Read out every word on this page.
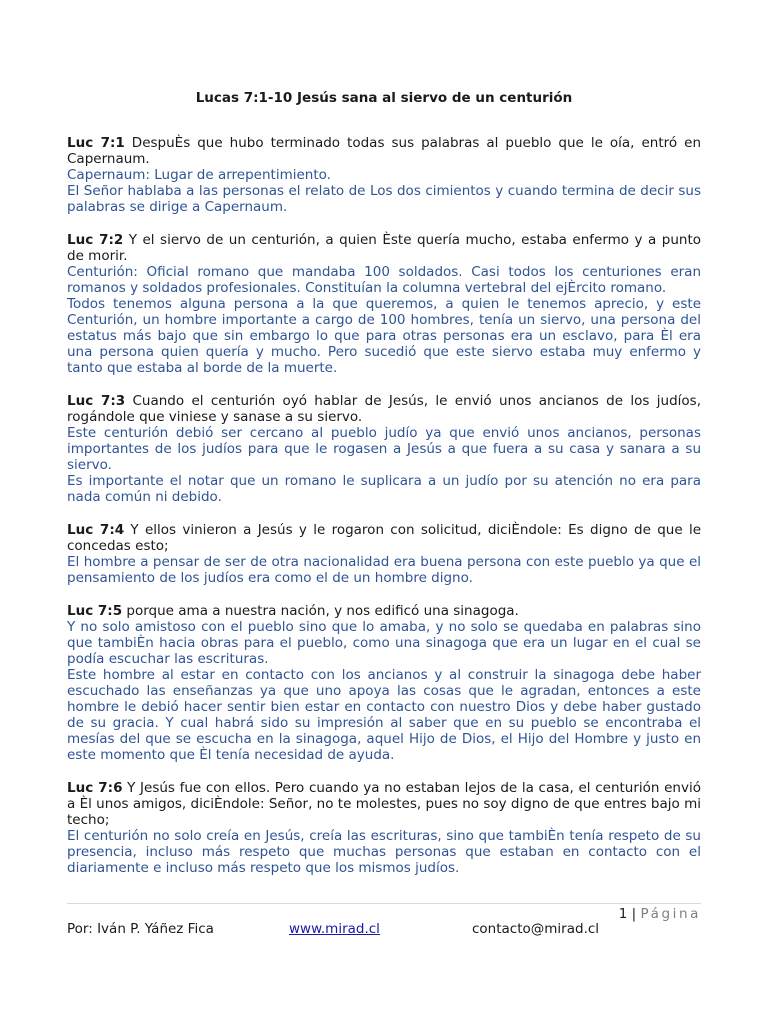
Lucas 7:1-10 Jesús sana al siervo de un centurión

Luc 7:1 DespuÈs que hubo terminado todas sus palabras al pueblo que le oía, entró en Capernaum.

Capernaum: Lugar de arrepentimiento.

El Señor hablaba a las personas el relato de Los dos cimientos y cuando termina de decir sus palabras se dirige a Capernaum.

Luc 7:2 Y el siervo de un centurión, a quien Èste quería mucho, estaba enfermo y a punto de morir.

Centurión: Oficial romano que mandaba 100 soldados. Casi todos los centuriones eran romanos y soldados profesionales. Constituían la columna vertebral del ejÈrcito romano.

Todos tenemos alguna persona a la que queremos, a quien le tenemos aprecio, y este Centurión, un hombre importante a cargo de 100 hombres, tenía un siervo, una persona del estatus más bajo que sin embargo lo que para otras personas era un esclavo, para Èl era una persona quien quería y mucho. Pero sucedió que este siervo estaba muy enfermo y tanto que estaba al borde de la muerte.

Luc 7:3 Cuando el centurión oyó hablar de Jesús, le envió unos ancianos de los judíos, rogándole que viniese y sanase a su siervo.

Este centurión debió ser cercano al pueblo judío ya que envió unos ancianos, personas importantes de los judíos para que le rogasen a Jesús a que fuera a su casa y sanara a su siervo.

Es importante el notar que un romano le suplicara a un judío por su atención no era para nada común ni debido.

Luc 7:4 Y ellos vinieron a Jesús y le rogaron con solicitud, diciÈndole: Es digno de que le concedas esto;

El hombre a pensar de ser de otra nacionalidad era buena persona con este pueblo ya que el pensamiento de los judíos era como el de un hombre digno.

Luc 7:5 porque ama a nuestra nación, y nos edificó una sinagoga.

Y no solo amistoso con el pueblo sino que lo amaba, y no solo se quedaba en palabras sino que tambiÈn hacia obras para el pueblo, como una sinagoga que era un lugar en el cual se podía escuchar las escrituras.

Este hombre al estar en contacto con los ancianos y al construir la sinagoga debe haber escuchado las enseñanzas ya que uno apoya las cosas que le agradan, entonces a este hombre le debió hacer sentir bien estar en contacto con nuestro Dios y debe haber gustado de su gracia. Y cual habrá sido su impresión al saber que en su pueblo se encontraba el mesías del que se escucha en la sinagoga, aquel Hijo de Dios, el Hijo del Hombre y justo en este momento que Èl tenía necesidad de ayuda.

Luc 7:6 Y Jesús fue con ellos. Pero cuando ya no estaban lejos de la casa, el centurión envió a Èl unos amigos, diciÈndole: Señor, no te molestes, pues no soy digno de que entres bajo mi techo;

El centurión no solo creía en Jesús, creía las escrituras, sino que tambiÈn tenía respeto de su presencia, incluso más respeto que muchas personas que estaban en contacto con el diariamente e incluso más respeto que los mismos judíos.

1 | Página
Por: Iván P. Yáñez Fica	www.mirad.cl	contacto@mirad.cl
